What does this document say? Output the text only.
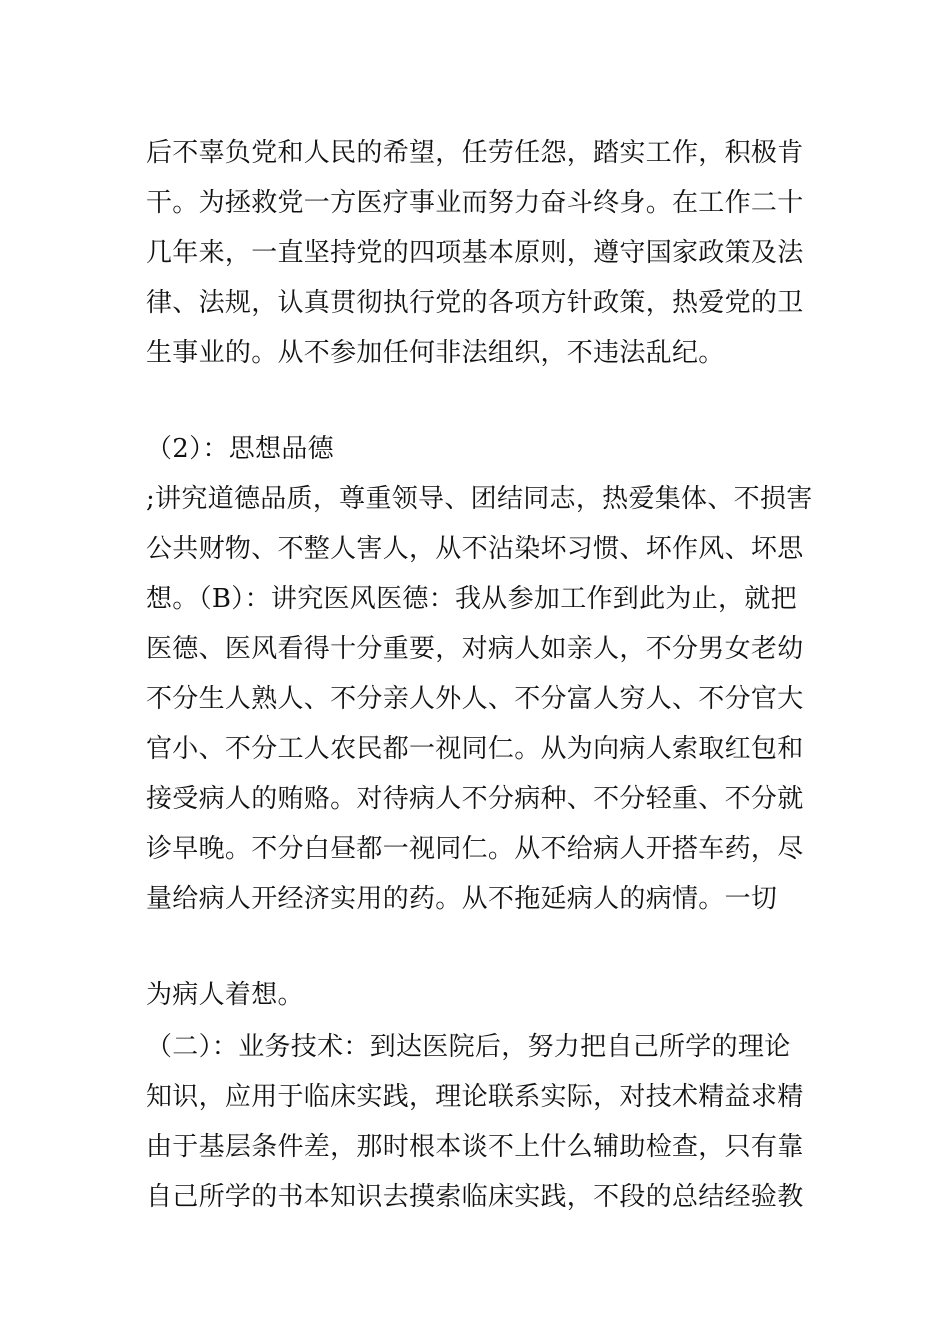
后不辜负党和人民的希望，任劳任怨，踏实工作，积极肯
干。为拯救党一方医疗事业而努力奋斗终身。在工作二十
几年来，一直坚持党的四项基本原则，遵守国家政策及法
律、法规，认真贯彻执行党的各项方针政策，热爱党的卫
生事业的。从不参加任何非法组织，不违法乱纪。
（2）：思想品德
;讲究道德品质，尊重领导、团结同志，热爱集体、不损害
公共财物、不整人害人，从不沾染坏习惯、坏作风、坏思
想。（B）：讲究医风医德：我从参加工作到此为止，就把
医德、医风看得十分重要，对病人如亲人，不分男女老幼
不分生人熟人、不分亲人外人、不分富人穷人、不分官大
官小、不分工人农民都一视同仁。从为向病人索取红包和
接受病人的贿赂。对待病人不分病种、不分轻重、不分就
诊早晚。不分白昼都一视同仁。从不给病人开搭车药，尽
量给病人开经济实用的药。从不拖延病人的病情。一切
为病人着想。
（二）：业务技术：到达医院后，努力把自己所学的理论
知识，应用于临床实践，理论联系实际，对技术精益求精
由于基层条件差，那时根本谈不上什么辅助检查，只有靠
自己所学的书本知识去摸索临床实践，不段的总结经验教
